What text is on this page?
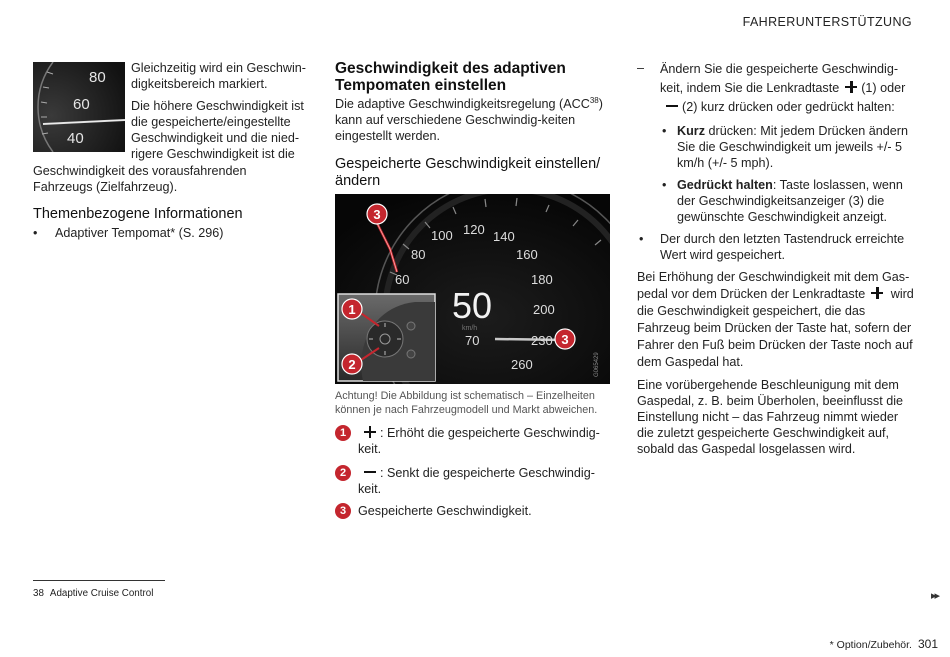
FAHRERUNTERSTÜTZUNG
80
60
40

Gleichzeitig wird ein Geschwin-digkeitsbereich markiert.

Die höhere Geschwindigkeit ist die gespeicherte/eingestellte Geschwindigkeit und die nied-rigere Geschwindigkeit ist die

Geschwindigkeit des vorausfahrenden Fahrzeugs (Zielfahrzeug).

Themenbezogene Informationen
• Adaptiver Tempomat* (S. 296)
Geschwindigkeit des adaptiven Tempomaten einstellen

Die adaptive Geschwindigkeitsregelung (ACC$^{38}$) kann auf verschiedene Geschwindig-keiten eingestellt werden.

Gespeicherte Geschwindigkeit einstellen/ändern
60
80
100 120 140
160
180
200
230
260
50
km/h
70
G065429
3
1
2
3

Achtung! Die Abbildung ist schematisch – Einzelheiten können je nach Fahrzeugmodell und Markt abweichen.

1	: Erhöht die gespeicherte Geschwindig-keit.

2	: Senkt die gespeicherte Geschwindig-keit.

3 Gespeicherte Geschwindigkeit.

– Ändern Sie die gespeicherte Geschwindig-keit, indem Sie die Lenkradtaste (1) oder(2) kurz drücken oder gedrückt halten:

• Kurz drücken: Mit jedem Drücken ändern Sie die Geschwindigkeit um jeweils +/- 5 km/h (+/- 5 mph).

• Gedrückt halten: Taste loslassen, wenn der Geschwindigkeitsanzeiger (3) die gewünschte Geschwindigkeit anzeigt.

• Der durch den letzten Tastendruck erreichte Wert wird gespeichert.

Bei Erhöhung der Geschwindigkeit mit dem Gas-pedal vor dem Drücken der Lenkradtaste wird die Geschwindigkeit gespeichert, die das Fahrzeug beim Drücken der Taste hat, sofern der Fahrer den Fuß beim Drücken der Taste noch auf dem Gaspedal hat.

Eine vorübergehende Beschleunigung mit dem Gaspedal, z. B. beim Überholen, beeinflusst die Einstellung nicht – das Fahrzeug nimmt wieder die zuletzt gespeicherte Geschwindigkeit auf, sobald das Gaspedal losgelassen wird.

38 Adaptive Cruise Control	▸▸
* Option/Zubehör. 301
